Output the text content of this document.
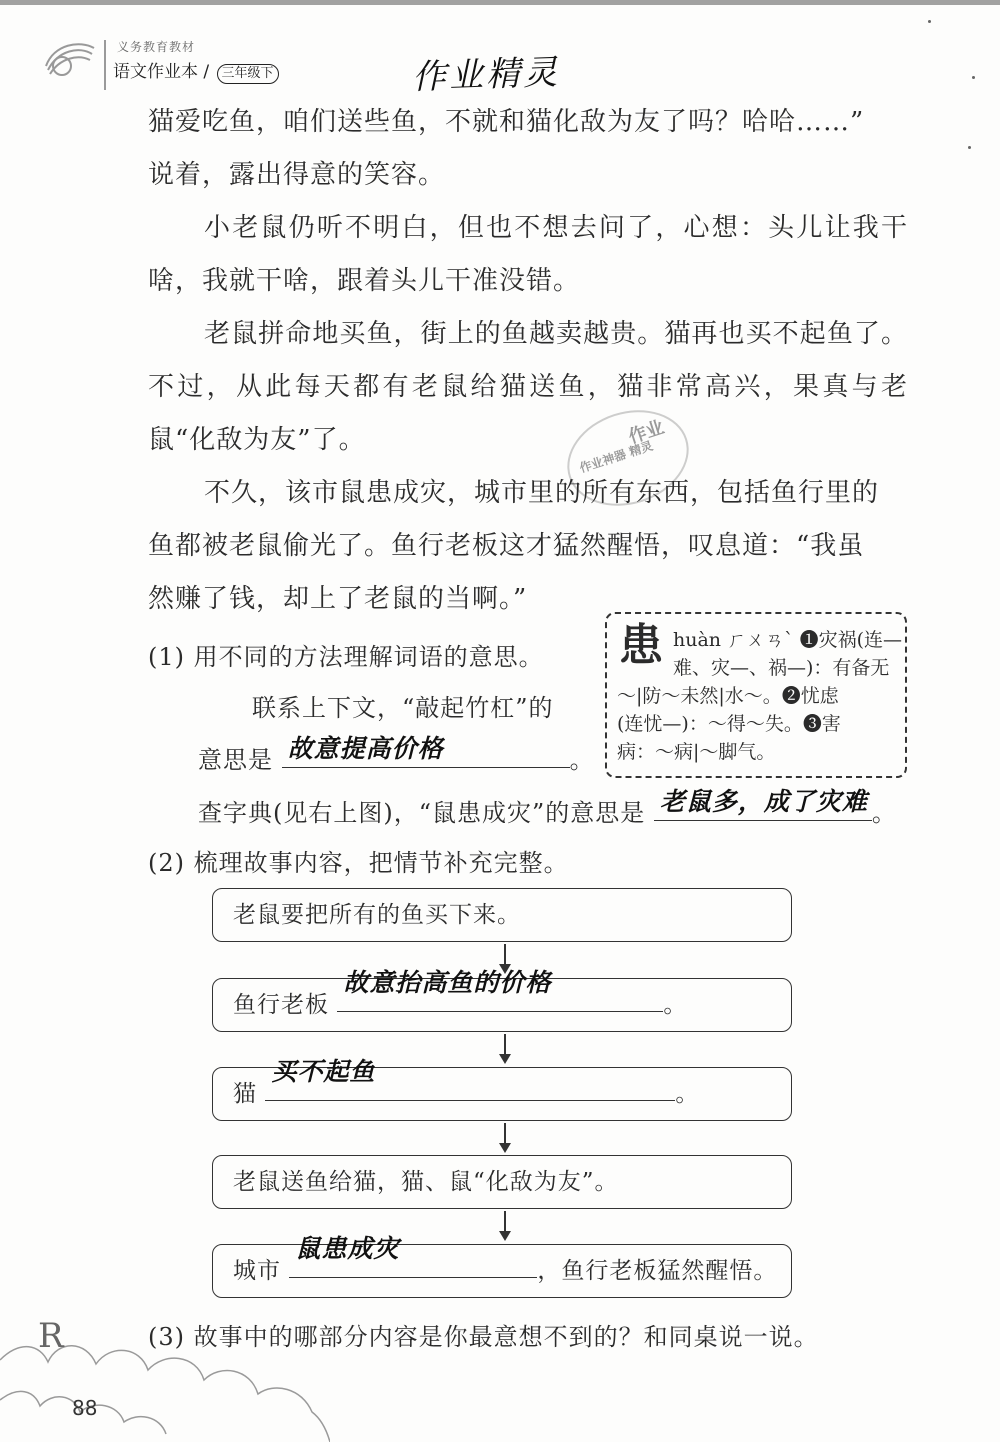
义务教育教材
语文作业本 / 三年级下	作业精灵

猫爱吃鱼，咱们送些鱼，不就和猫化敌为友了吗？哈哈……”
说着，露出得意的笑容。

小老鼠仍听不明白，但也不想去问了，心想：头儿让我干啥，我就干啥，跟着头儿干准没错。

老鼠拼命地买鱼，街上的鱼越卖越贵。猫再也买不起鱼了。不过，从此每天都有老鼠给猫送鱼，猫非常高兴，果真与老鼠“化敌为友”了。	作业
作业神器 精灵

不久，该市鼠患成灾，城市里的所有东西，包括鱼行里的
鱼都被老鼠偷光了。鱼行老板这才猛然醒悟，叹息道：“我虽
然赚了钱，却上了老鼠的当啊。”

患 huàn ㄏㄨㄢˋ ❶灾祸(连—
难、灾—、祸—)：有备无
～|防～未然|水～。❷忧虑
(连忧—)：～得～失。❸害
病：～病|～脚气。
(1) 用不同的方法理解词语的意思。
联系上下文，“敲起竹杠”的
意思是 故意提高价格	。
查字典(见右上图)，“鼠患成灾”的意思是 老鼠多，成了灾难 。
(2) 梳理故事内容，把情节补充完整。
老鼠要把所有的鱼买下来。
鱼行老板
故意抬高鱼的价格
。
猫
买不起鱼
。
老鼠送鱼给猫，猫、鼠“化敌为友”。
城市
鼠患成灾
，鱼行老板猛然醒悟。
(3) 故事中的哪部分内容是你最意想不到的？和同桌说一说。
R
88
